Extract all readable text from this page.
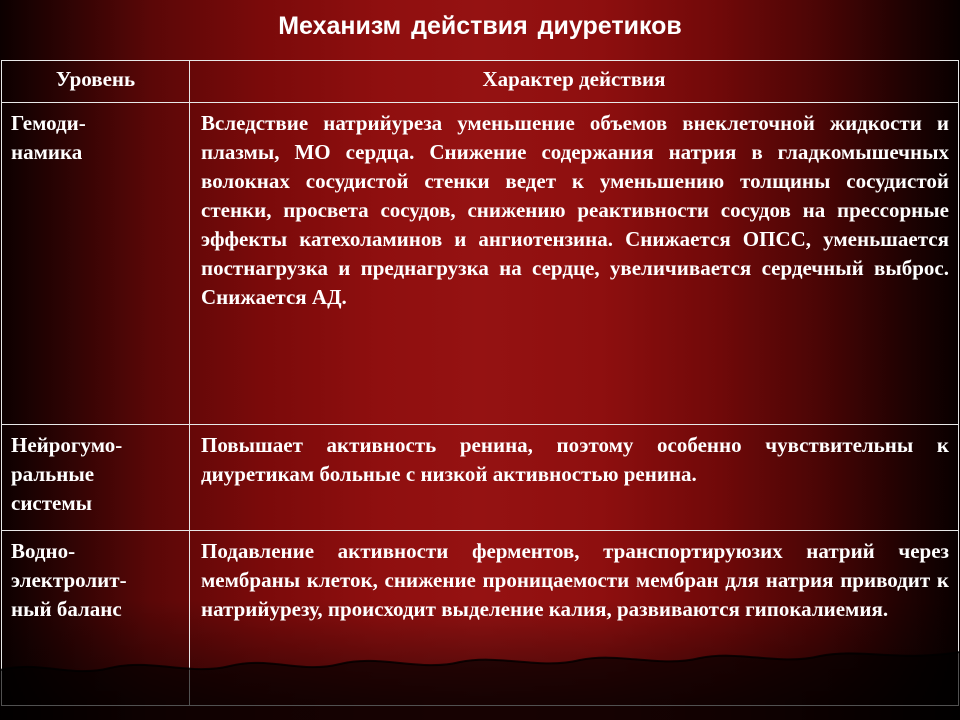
Механизм действия диуретиков
Уровень	Характер действия

Гемоди-
намика	Вследствие натрийуреза уменьшение объемов внеклеточной жидкости и плазмы, МО сердца. Снижение содержания натрия в гладкомышечных волокнах сосудистой стенки ведет к уменьшению толщины сосудистой стенки, просвета сосудов, снижению реактивности сосудов на прессорные эффекты катехоламинов и ангиотензина. Снижается ОПСС, уменьшается постнагрузка и преднагрузка на сердце, увеличивается сердечный выброс. Снижается АД.

Нейрогумо-
ральные
системы	Повышает активность ренина, поэтому особенно чувствительны к диуретикам больные с низкой активностью ренина.

Водно-
электролит-
ный баланс	Подавление активности ферментов, транспортируюзих натрий через мембраны клеток, снижение проницаемости мембран для натрия приводит к натрийурезу, происходит выделение калия, развиваются гипокалиемия.
